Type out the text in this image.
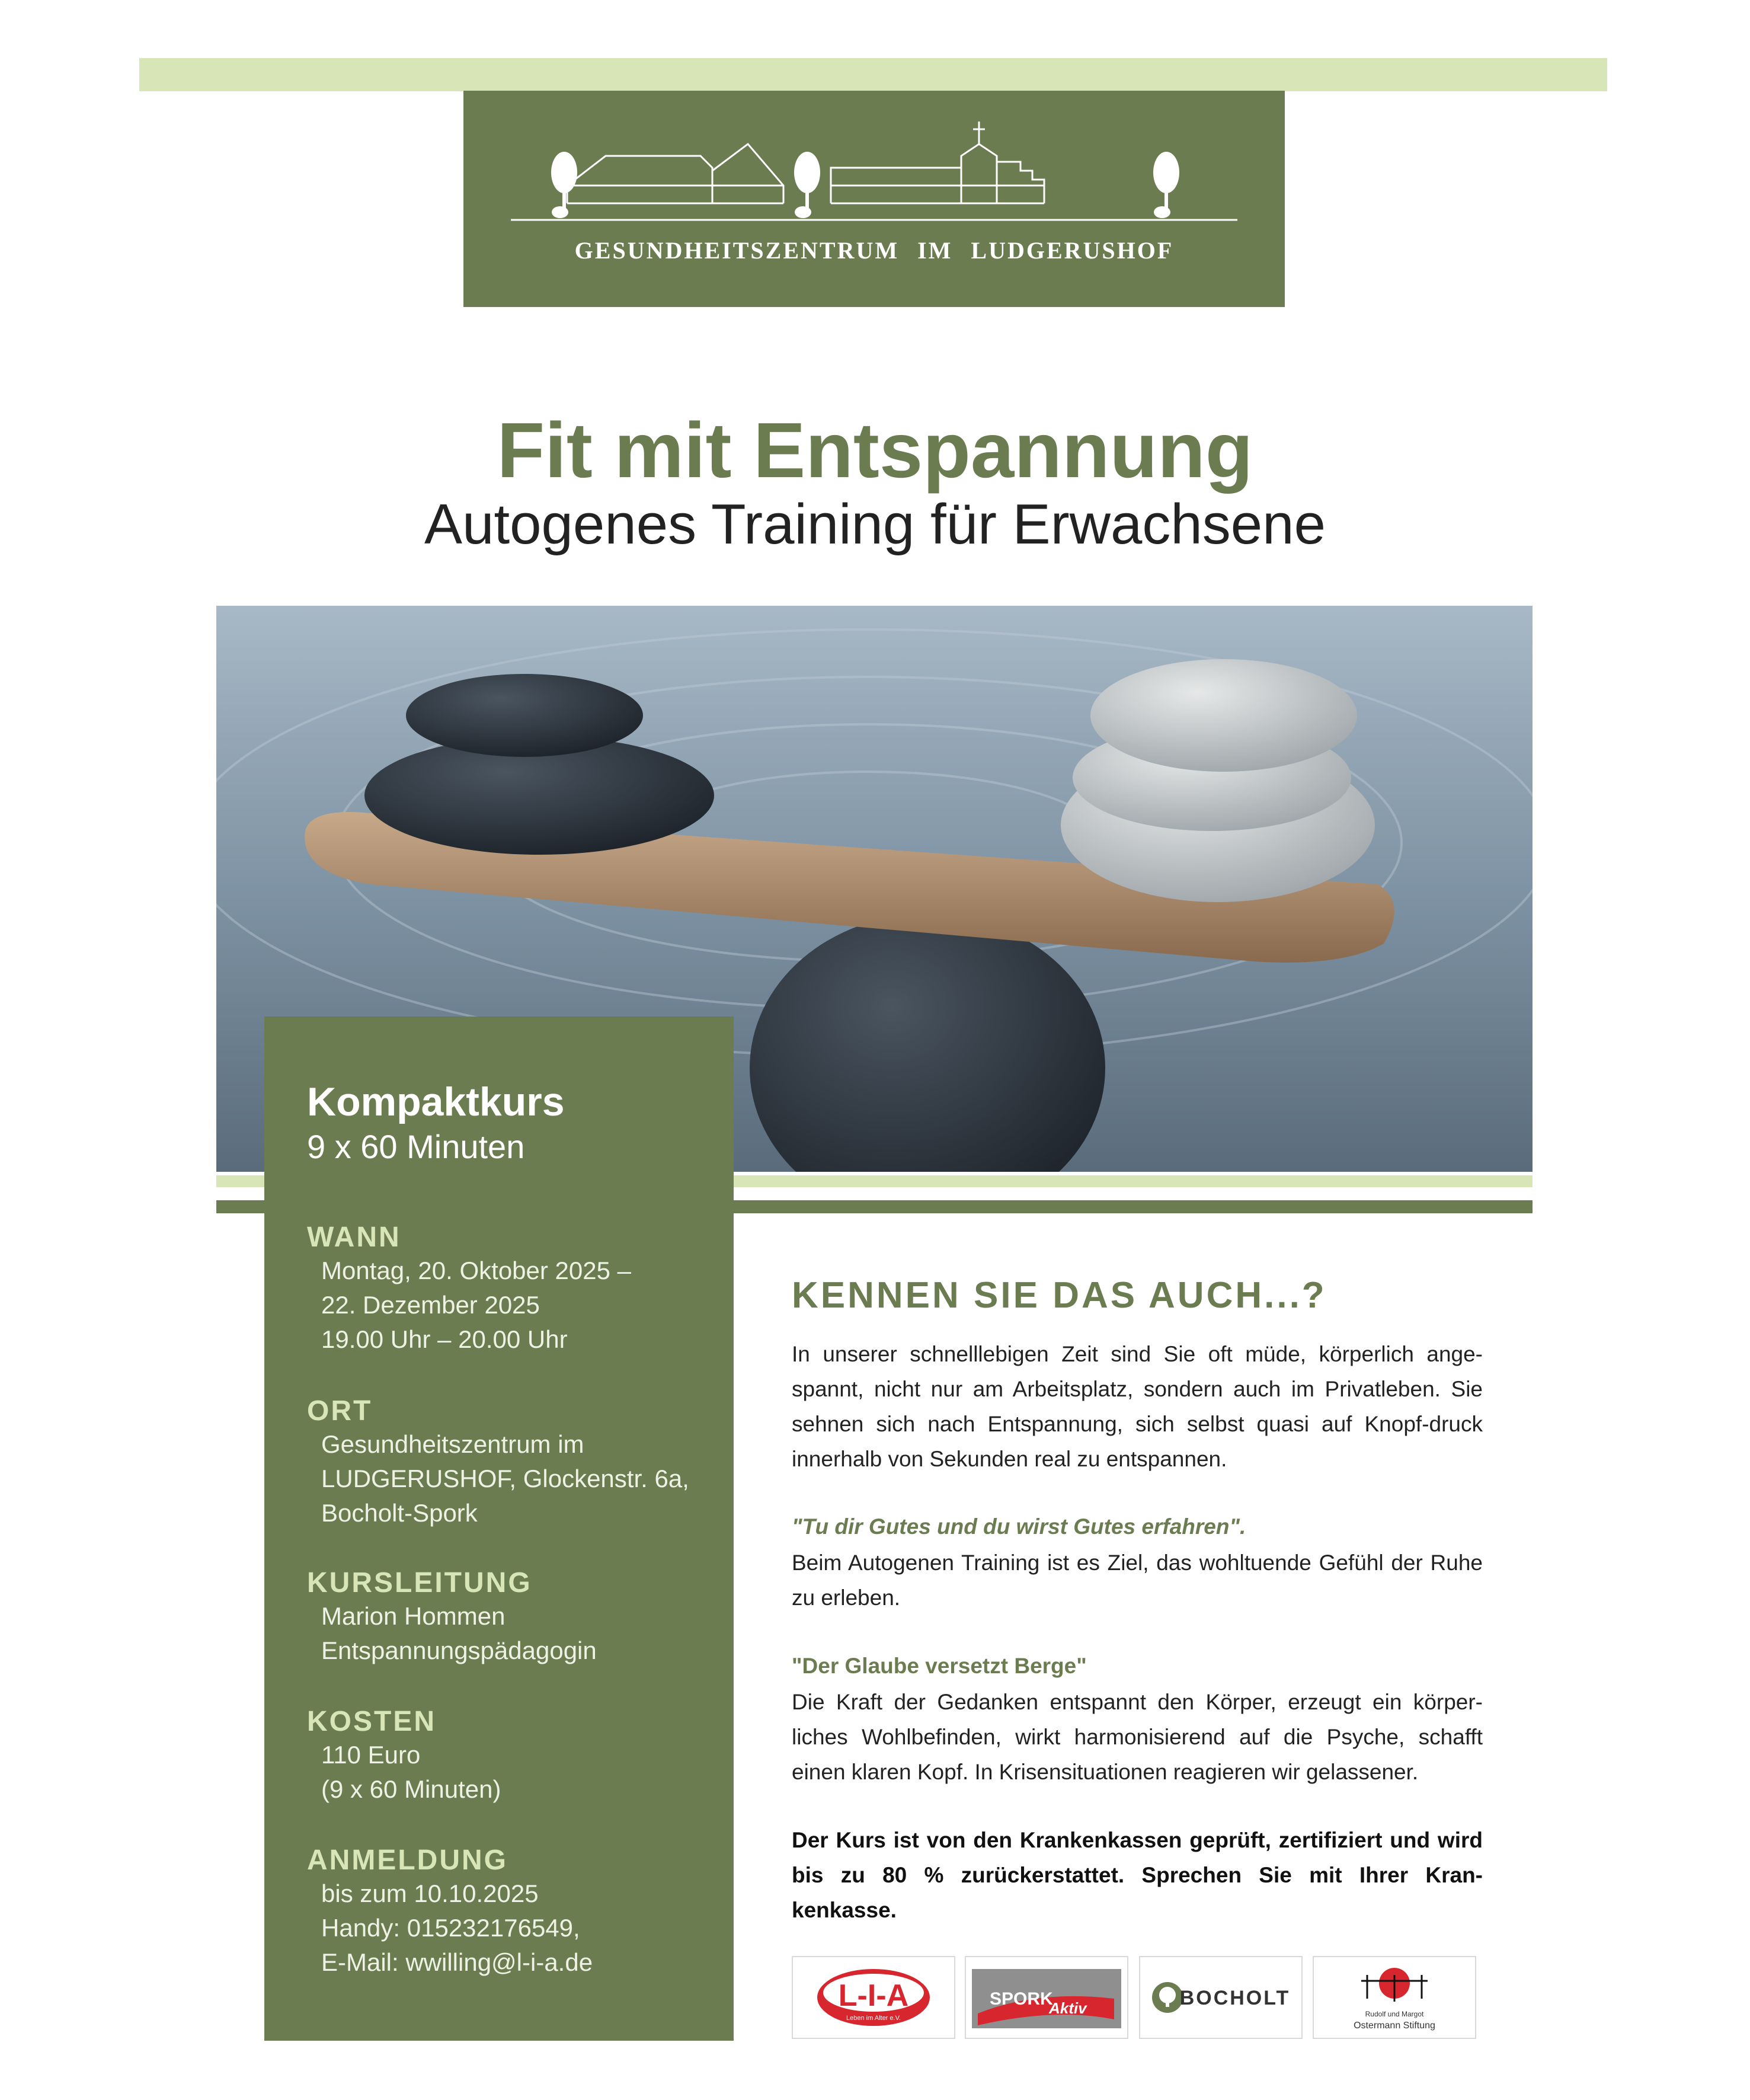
GESUNDHEITSZENTRUM IM LUDGERUSHOF
Fit mit Entspannung
Autogenes Training für Erwachsene
Kompaktkurs
9 x 60 Minuten
WANN
Montag, 20. Oktober 2025 –
22. Dezember 2025
19.00 Uhr – 20.00 Uhr
ORT
Gesundheitszentrum im
LUDGERUSHOF, Glockenstr. 6a,
Bocholt-Spork
KURSLEITUNG
Marion Hommen
Entspannungspädagogin
KOSTEN
110 Euro
(9 x 60 Minuten)
ANMELDUNG
bis zum 10.10.2025
Handy: 015232176549,
E-Mail: wwilling@l-i-a.de
KENNEN SIE DAS AUCH...?
In unserer schnelllebigen Zeit sind Sie oft müde, körperlich ange-spannt, nicht nur am Arbeitsplatz, sondern auch im Privatleben. Sie sehnen sich nach Entspannung, sich selbst quasi auf Knopf-druck innerhalb von Sekunden real zu entspannen.
"Tu dir Gutes und du wirst Gutes erfahren".
Beim Autogenen Training ist es Ziel, das wohltuende Gefühl der Ruhe zu erleben.
"Der Glaube versetzt Berge"
Die Kraft der Gedanken entspannt den Körper, erzeugt ein körper-liches Wohlbefinden, wirkt harmonisierend auf die Psyche, schafft einen klaren Kopf. In Krisensituationen reagieren wir gelassener.
Der Kurs ist von den Krankenkassen geprüft, zertifiziert und wird bis zu 80 % zurückerstattet. Sprechen Sie mit Ihrer Kran-kenkasse.
L-I-A
Leben im Alter e.V.
SPORK
Aktiv	BOCHOLT
Rudolf und Margot
Ostermann Stiftung
